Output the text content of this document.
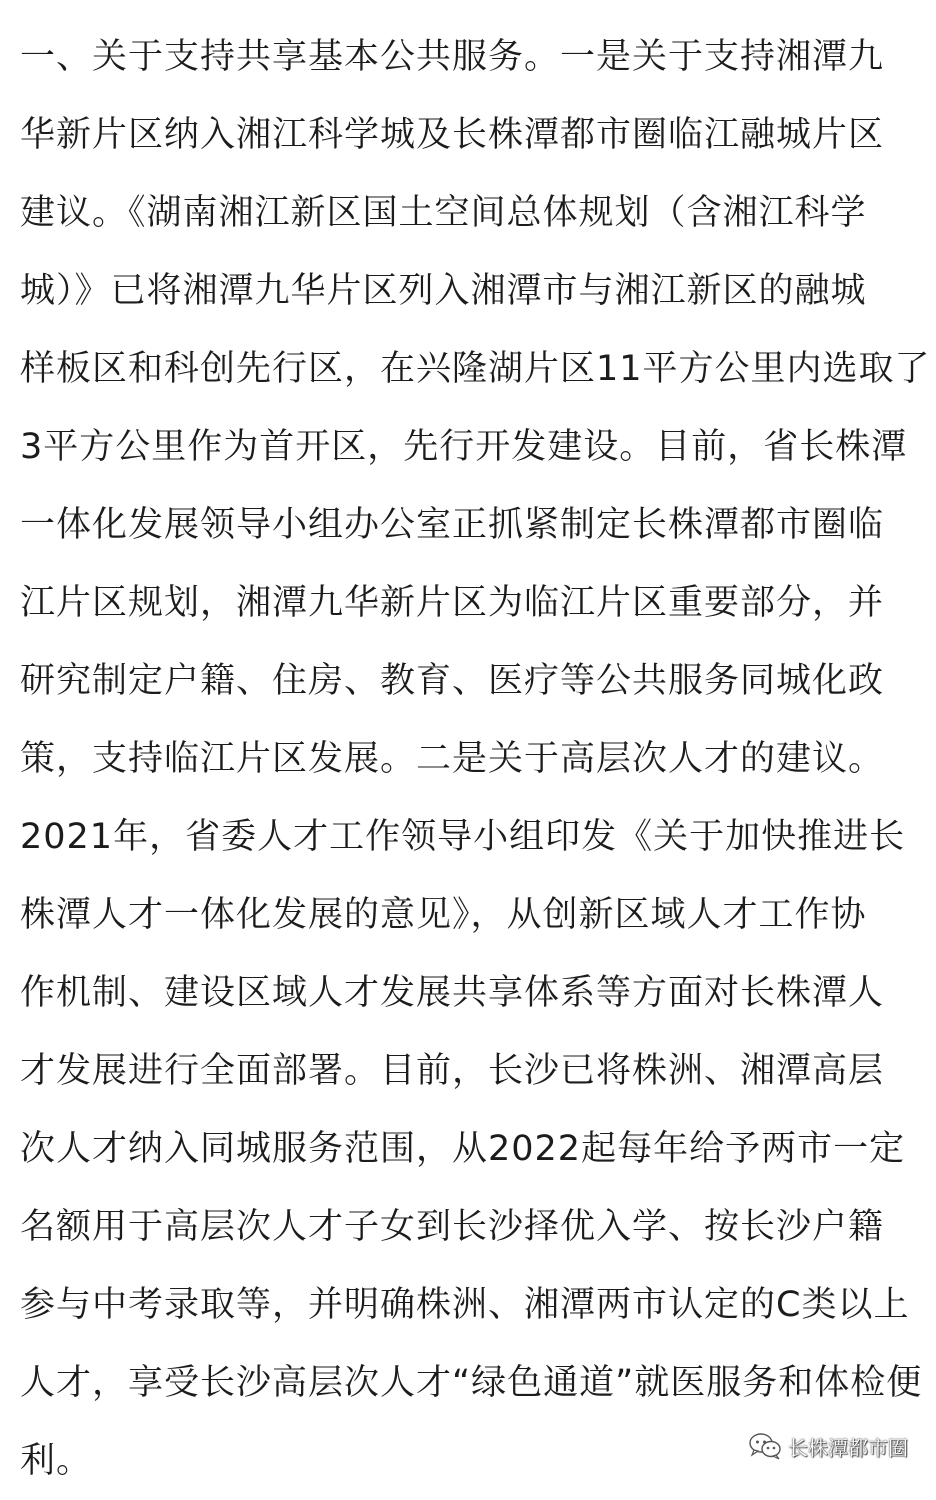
一、关于支持共享基本公共服务。一是关于支持湘潭九
华新片区纳入湘江科学城及长株潭都市圈临江融城片区
建议。《湖南湘江新区国土空间总体规划（含湘江科学
城）》已将湘潭九华片区列入湘潭市与湘江新区的融城
样板区和科创先行区，在兴隆湖片区11平方公里内选取了
3平方公里作为首开区，先行开发建设。目前，省长株潭
一体化发展领导小组办公室正抓紧制定长株潭都市圈临
江片区规划，湘潭九华新片区为临江片区重要部分，并
研究制定户籍、住房、教育、医疗等公共服务同城化政
策，支持临江片区发展。二是关于高层次人才的建议。
2021年，省委人才工作领导小组印发《关于加快推进长
株潭人才一体化发展的意见》，从创新区域人才工作协
作机制、建设区域人才发展共享体系等方面对长株潭人
才发展进行全面部署。目前，长沙已将株洲、湘潭高层
次人才纳入同城服务范围，从2022起每年给予两市一定
名额用于高层次人才子女到长沙择优入学、按长沙户籍
参与中考录取等，并明确株洲、湘潭两市认定的C类以上
人才，享受长沙高层次人才“绿色通道”就医服务和体检便
利。	长株潭都市圈
